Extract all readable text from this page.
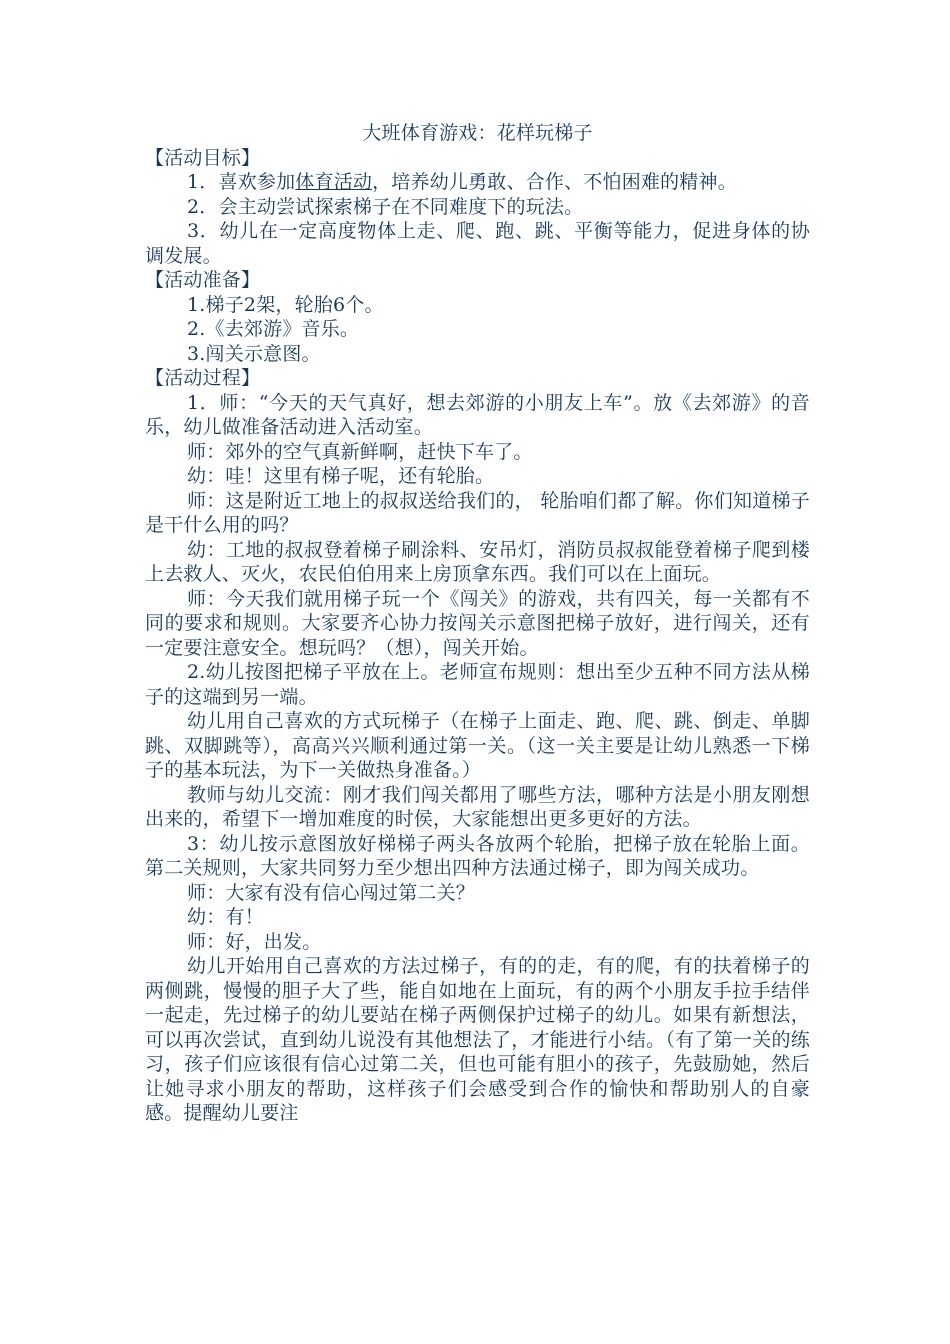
大班体育游戏：花样玩梯子

【活动目标】

1．喜欢参加体育活动，培养幼儿勇敢、合作、不怕困难的精神。

2．会主动尝试探索梯子在不同难度下的玩法。

3．幼儿在一定高度物体上走、爬、跑、跳、平衡等能力，促进身体的协调发展。

【活动准备】

1.梯子2架，轮胎6个。

2.《去郊游》音乐。

3.闯关示意图。

【活动过程】

1．师：“今天的天气真好，想去郊游的小朋友上车”。放《去郊游》的音乐，幼儿做准备活动进入活动室。

师：郊外的空气真新鲜啊，赶快下车了。

幼：哇！这里有梯子呢，还有轮胎。

师：这是附近工地上的叔叔送给我们的， 轮胎咱们都了解。你们知道梯子是干什么用的吗？

幼：工地的叔叔登着梯子刷涂料、安吊灯，消防员叔叔能登着梯子爬到楼上去救人、灭火，农民伯伯用来上房顶拿东西。我们可以在上面玩。

师：今天我们就用梯子玩一个《闯关》的游戏，共有四关，每一关都有不同的要求和规则。大家要齐心协力按闯关示意图把梯子放好，进行闯关，还有一定要注意安全。想玩吗？（想），闯关开始。

2.幼儿按图把梯子平放在上。老师宣布规则：想出至少五种不同方法从梯子的这端到另一端。

幼儿用自己喜欢的方式玩梯子（在梯子上面走、跑、爬、跳、倒走、单脚跳、双脚跳等），高高兴兴顺利通过第一关。（这一关主要是让幼儿熟悉一下梯子的基本玩法，为下一关做热身准备。）

教师与幼儿交流：刚才我们闯关都用了哪些方法，哪种方法是小朋友刚想出来的，希望下一增加难度的时侯，大家能想出更多更好的方法。

3：幼儿按示意图放好梯梯子两头各放两个轮胎，把梯子放在轮胎上面。第二关规则，大家共同努力至少想出四种方法通过梯子，即为闯关成功。

师：大家有没有信心闯过第二关？

幼：有！

师：好，出发。

幼儿开始用自己喜欢的方法过梯子，有的的走，有的爬，有的扶着梯子的两侧跳，慢慢的胆子大了些，能自如地在上面玩，有的两个小朋友手拉手结伴一起走，先过梯子的幼儿要站在梯子两侧保护过梯子的幼儿。如果有新想法，可以再次尝试，直到幼儿说没有其他想法了，才能进行小结。（有了第一关的练习，孩子们应该很有信心过第二关，但也可能有胆小的孩子，先鼓励她，然后让她寻求小朋友的帮助，这样孩子们会感受到合作的愉快和帮助别人的自豪感。提醒幼儿要注
